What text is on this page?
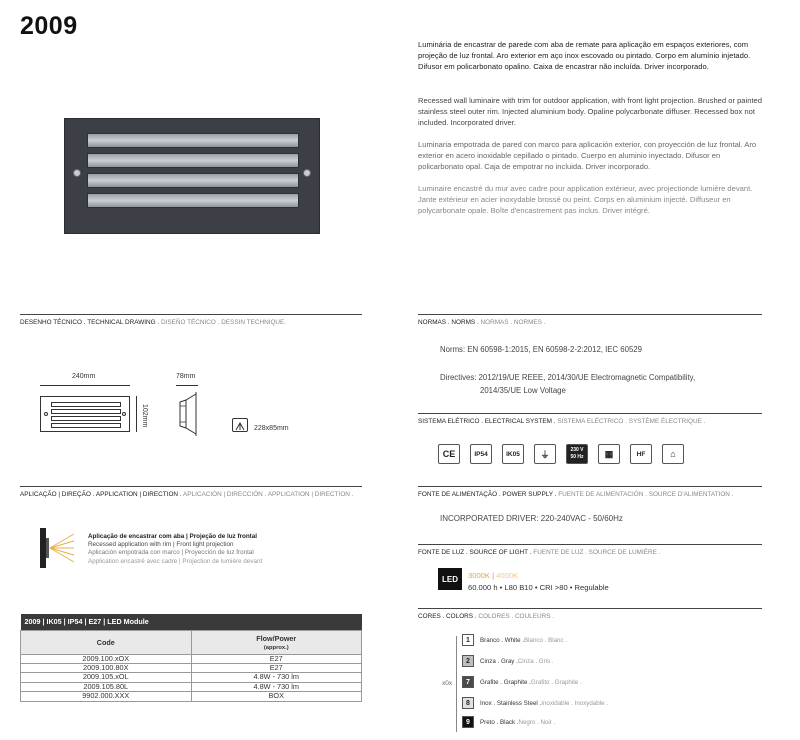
2009
Luminária de encastrar de parede com aba de remate para aplicação em espaços exteriores, com projeção de luz frontal. Aro exterior em aço inox escovado ou pintado. Corpo em alumínio injetado. Difusor em policarbonato opalino. Caixa de encastrar não incluída. Driver incorporado.
Recessed wall luminaire with trim for outdoor application, with front light projection. Brushed or painted stainless steel outer rim. Injected aluminium body. Opaline polycarbonate diffuser. Recessed box not included. Incorporated driver.
Luminaria empotrada de pared con marco para aplicación exterior, con proyección de luz frontal. Aro exterior en acero inoxidable cepillado o pintado. Cuerpo en aluminio inyectado. Difusor en policarbonato opal. Caja de empotrar no incluida. Driver incorporado.
Luminaire encastré du mur avec cadre pour application extérieur, avec projectionde lumière devant. Jante extérieur en acier inoxydable brossé ou peint. Corps en aluminium injecté. Diffuseur en polycarbonate opale. Boîte d'encastrement pas inclus. Driver intégré.
DESENHO TÉCNICO . TECHNICAL DRAWING . DISEÑO TÉCNICO . DESSIN TECHNIQUE.
240mm
102mm
78mm
228x85mm
NORMAS . NORMS . NORMAS . NORMES .
Norms: EN 60598-1:2015, EN 60598-2-2:2012, IEC 60529
Directives: 2012/19/UE REEE, 2014/30/UE Electromagnetic Compatibility,
2014/35/UE Low Voltage
SISTEMA ELÉTRICO . ELECTRICAL SYSTEM . SISTEMA ELÉCTRICO . SYSTÈME ÉLECTRIQUE .
CE	IP54	IK05	⏚	230 V
50 Hz	▦	HF	⌂
APLICAÇÃO | DIREÇÃO . APPLICATION | DIRECTION . APLICACIÓN | DIRECCIÓN . APPLICATION | DIRECTION .
Aplicação de encastrar com aba | Projeção de luz frontal
Recessed application with rim | Front light projection
Aplicación empotrada con marco | Proyección de luz frontal
Application encastré avec cadre | Projection de lumière devant
2009 | IK05 | IP54 | E27 | LED Module	
Code	Flow/Power
(approx.)

2009.100.xOX	E27
2009.100.80X	E27
2009.105.xOL	4.8W - 730 lm
2009.105.80L	4.8W - 730 lm
9902.000.XXX	BOX
FONTE DE ALIMENTAÇÃO . POWER SUPPLY . FUENTE DE ALIMENTACIÓN . SOURCE D'ALIMENTATION .
INCORPORATED DRIVER: 220-240VAC - 50/60Hz
FONTE DE LUZ . SOURCE OF LIGHT . FUENTE DE LUZ . SOURCE DE LUMIÈRE .
LED	3000K | 4000K
60.000 h • L80 B10 • CRI >80 • Regulable
CORES . COLORS . COLORES . COULEURS .
x0x
1	Branco . White . Blanco . Blanc .
2	Cinza . Gray . Cinza . Gris .
7	Grafite . Graphite . Grafito . Graphite .
8	Inox . Stainless Steel . Inoxidable . Inoxydable .
9	Preto . Black . Negro . Noir .
